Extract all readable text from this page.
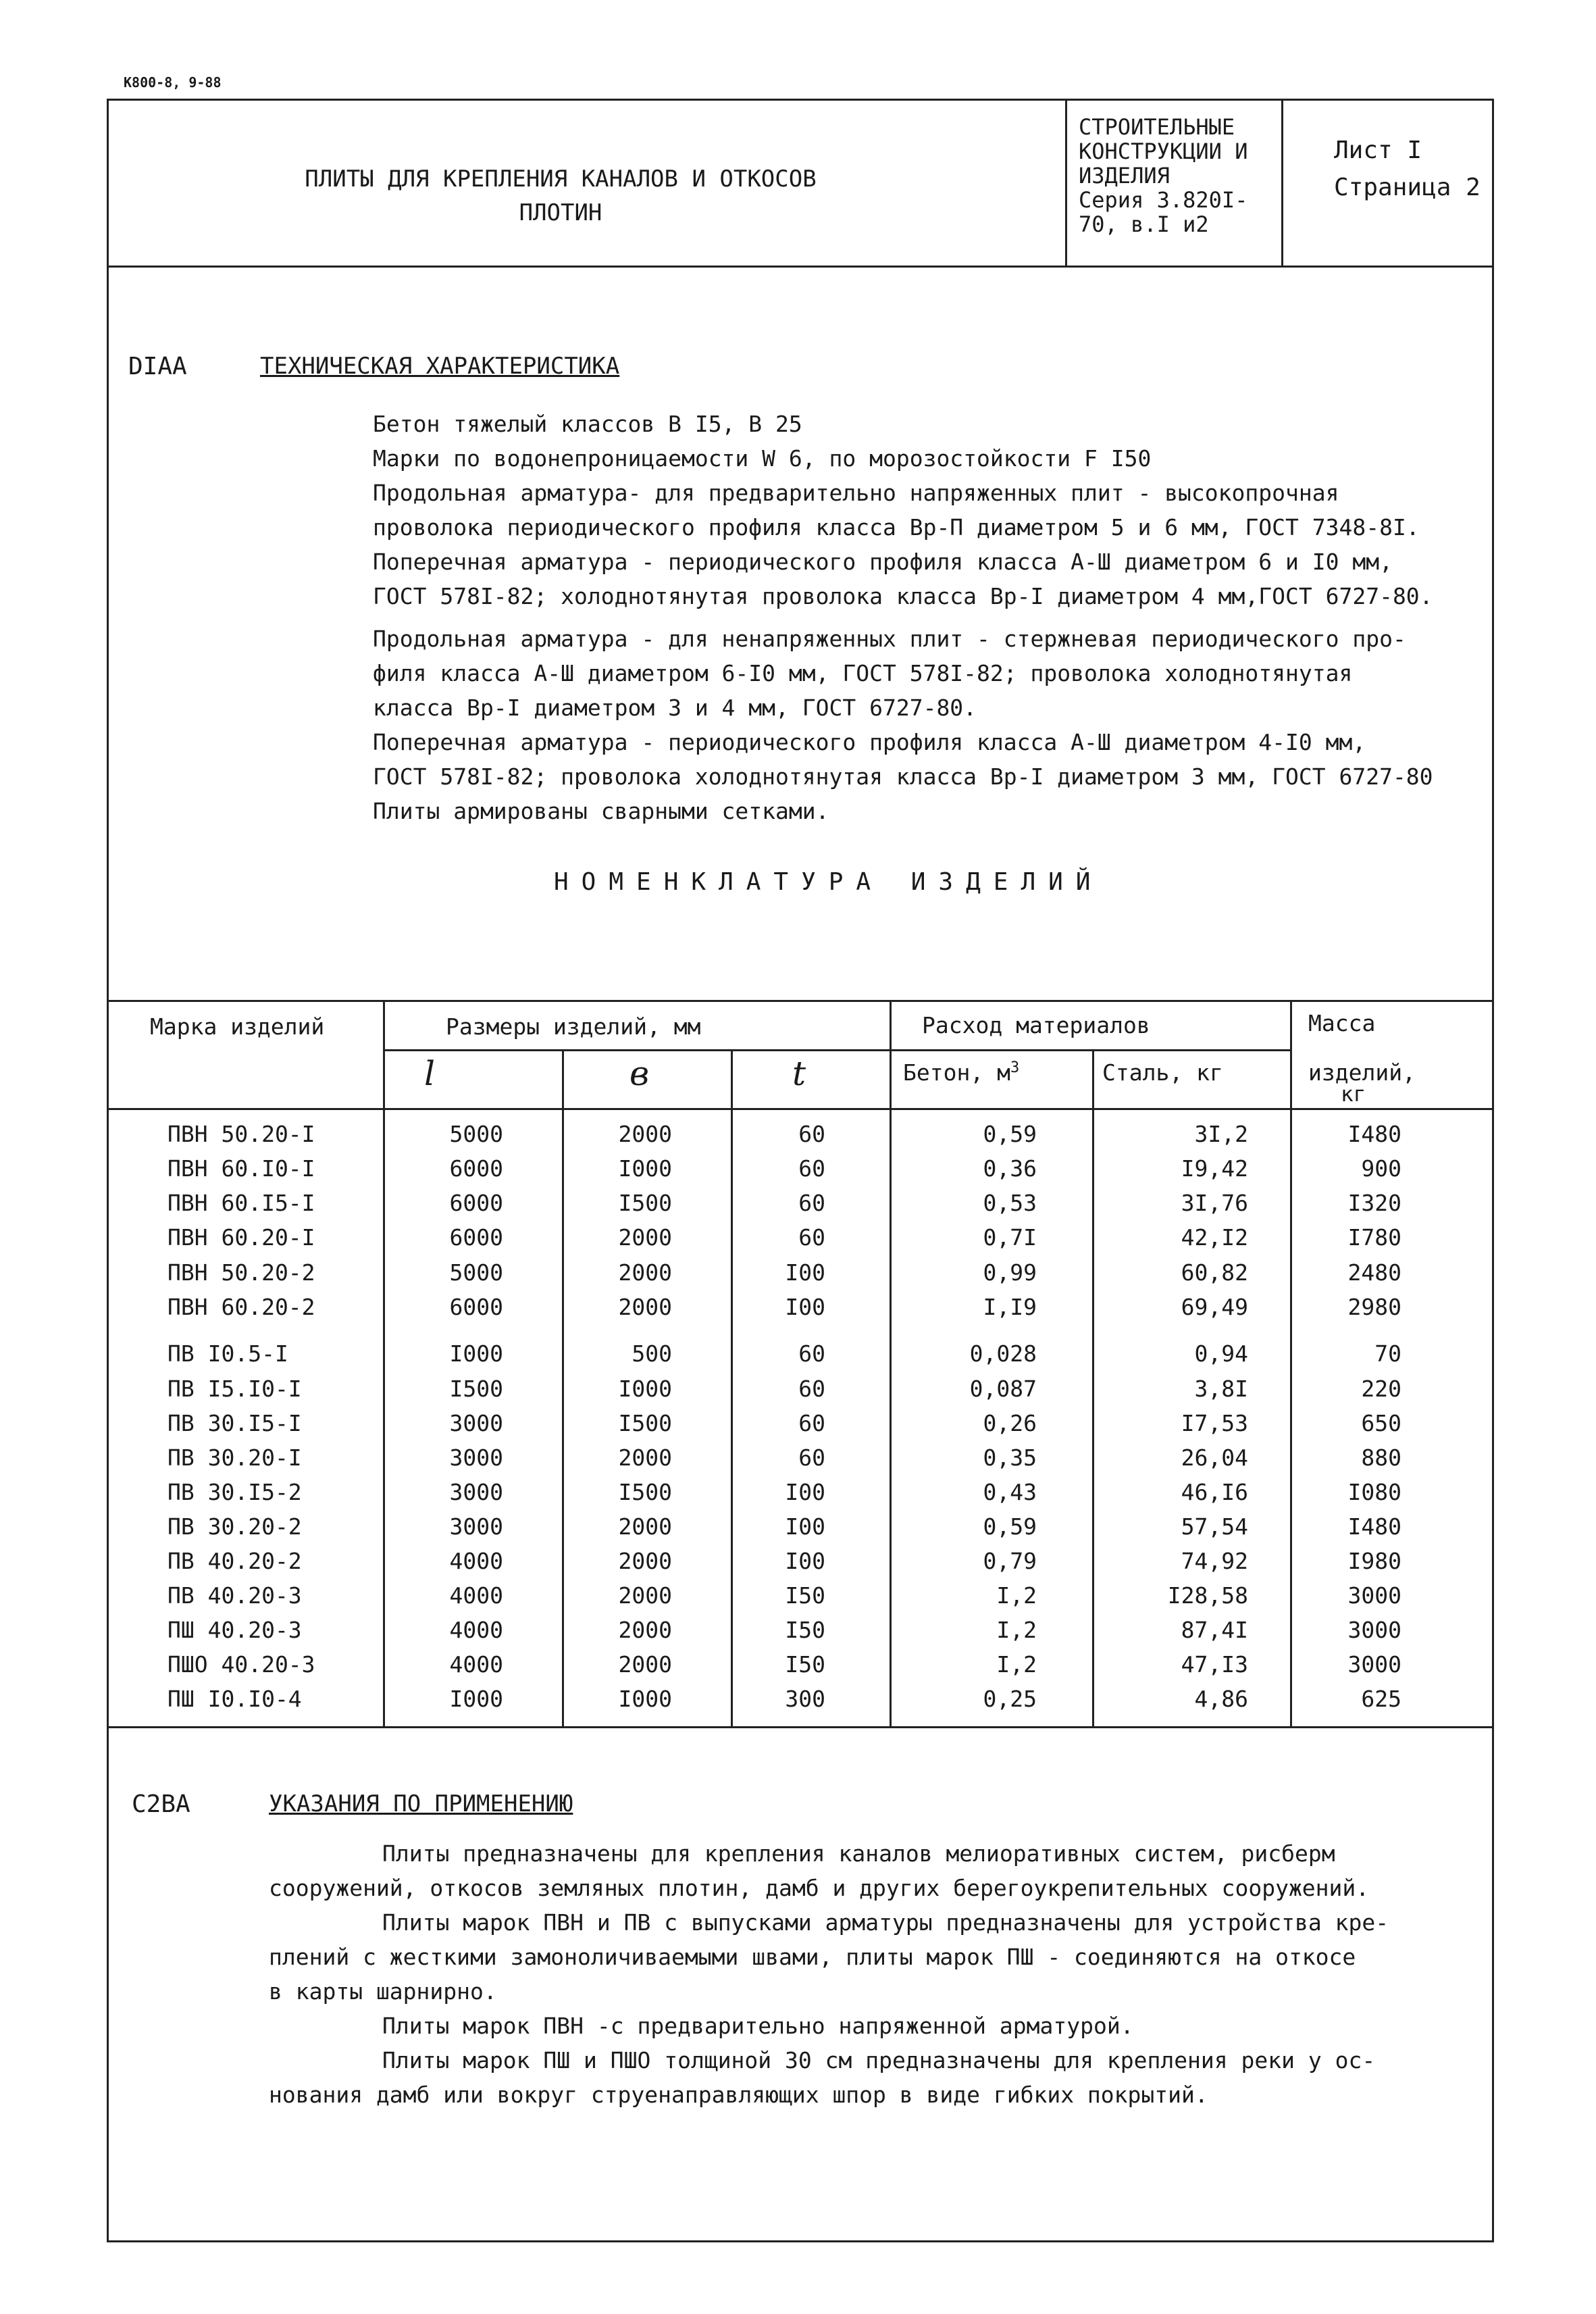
К800-8, 9-88
ПЛИТЫ ДЛЯ КРЕПЛЕНИЯ КАНАЛОВ И ОТКОСОВ
ПЛОТИН
СТРОИТЕЛЬНЫЕ
КОНСТРУКЦИИ И
ИЗДЕЛИЯ
Серия 3.820I-
70, в.I и2
Лист I
Страница 2
DIAA	ТЕХНИЧЕСКАЯ ХАРАКТЕРИСТИКА
Бетон тяжелый классов В I5, В 25
Марки по водонепроницаемости W 6, по морозостойкости F I50
Продольная арматура- для предварительно напряженных плит - высокопрочная
проволока периодического профиля класса Вр-П диаметром 5 и 6 мм, ГОСТ 7348-8I.
Поперечная арматура - периодического профиля класса А-Ш диаметром 6 и I0 мм,
ГОСТ 578I-82; холоднотянутая проволока класса Вр-I диаметром 4 мм,ГОСТ 6727-80.
Продольная арматура - для ненапряженных плит - стержневая периодического про-
филя класса А-Ш диаметром 6-I0 мм, ГОСТ 578I-82; проволока холоднотянутая
класса Вр-I диаметром 3 и 4 мм, ГОСТ 6727-80.
Поперечная арматура - периодического профиля класса А-Ш диаметром 4-I0 мм,
ГОСТ 578I-82; проволока холоднотянутая класса Вр-I диаметром 3 мм, ГОСТ 6727-80
Плиты армированы сварными сетками.
НОМЕНКЛАТУРА ИЗДЕЛИЙ
Марка изделий	Размеры изделий, мм	Расход материалов	Масса
l	в	t	Бетон, $м^3$	Сталь, кг	изделий,
кг
ПВН 50.20-I	5000	2000	60	0,59	3I,2	I480
ПВН 60.I0-I	6000	I000	60	0,36	I9,42	900
ПВН 60.I5-I	6000	I500	60	0,53	3I,76	I320
ПВН 60.20-I	6000	2000	60	0,7I	42,I2	I780
ПВН 50.20-2	5000	2000	I00	0,99	60,82	2480
ПВН 60.20-2	6000	2000	I00	I,I9	69,49	2980
ПВ I0.5-I	I000	500	60	0,028	0,94	70
ПВ I5.I0-I	I500	I000	60	0,087	3,8I	220
ПВ 30.I5-I	3000	I500	60	0,26	I7,53	650
ПВ 30.20-I	3000	2000	60	0,35	26,04	880
ПВ 30.I5-2	3000	I500	I00	0,43	46,I6	I080
ПВ 30.20-2	3000	2000	I00	0,59	57,54	I480
ПВ 40.20-2	4000	2000	I00	0,79	74,92	I980
ПВ 40.20-3	4000	2000	I50	I,2	I28,58	3000
ПШ 40.20-3	4000	2000	I50	I,2	87,4I	3000
ПШО 40.20-3	4000	2000	I50	I,2	47,I3	3000
ПШ I0.I0-4	I000	I000	300	0,25	4,86	625
C2BA	УКАЗАНИЯ ПО ПРИМЕНЕНИЮ
Плиты предназначены для крепления каналов мелиоративных систем, рисберм
сооружений, откосов земляных плотин, дамб и других берегоукрепительных сооружений.
Плиты марок ПВН и ПВ с выпусками арматуры предназначены для устройства кре-
плений с жесткими замоноличиваемыми швами, плиты марок ПШ - соединяются на откосе
в карты шарнирно.
Плиты марок ПВН -с предварительно напряженной арматурой.
Плиты марок ПШ и ПШО толщиной 30 см предназначены для крепления реки у ос-
нования дамб или вокруг струенаправляющих шпор в виде гибких покрытий.
